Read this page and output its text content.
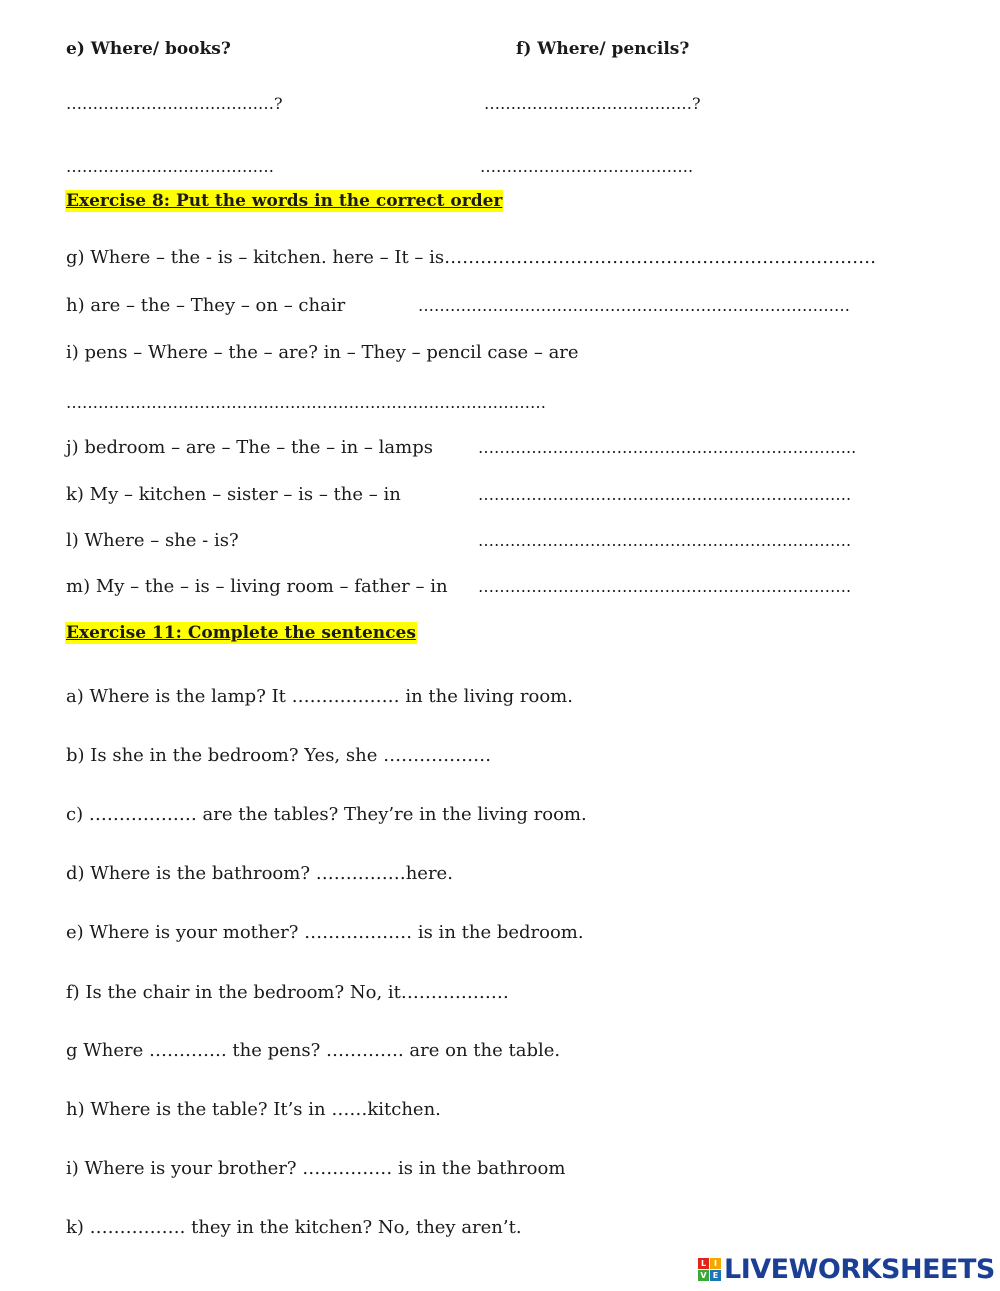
e) Where/ books?	f) Where/ pencils?
…………………………………?	…………………………………?
…………………………………	………………………………….
Exercise 8: Put the words in the correct order
g) Where – the - is – kitchen. here – It – is………………………………………………………………
h) are – the – They – on – chair	………………………………………………………………………
i) pens – Where – the – are? in – They – pencil case – are
………………………………………………………………………………
j) bedroom – are – The – the – in – lamps	……………………………………………………………..
k) My – kitchen – sister – is – the – in	…………………………………………………………….
l) Where – she - is?	…………………………………………………………….
m) My – the – is – living room – father – in …………………………………………………………….
Exercise 11: Complete the sentences
a) Where is the lamp? It ……………… in the living room.
b) Is she in the bedroom? Yes, she ………………
c) ……………… are the tables? They’re in the living room.
d) Where is the bathroom? ……………here.
e) Where is your mother? ……………… is in the bedroom.
f) Is the chair in the bedroom? No, it………………
g Where …………. the pens? …………. are on the table.
h) Where is the table? It’s in ……kitchen.
i) Where is your brother? …………… is in the bathroom
k) ……………. they in the kitchen? No, they aren’t.
L I
V E LIVEWORKSHEETS
